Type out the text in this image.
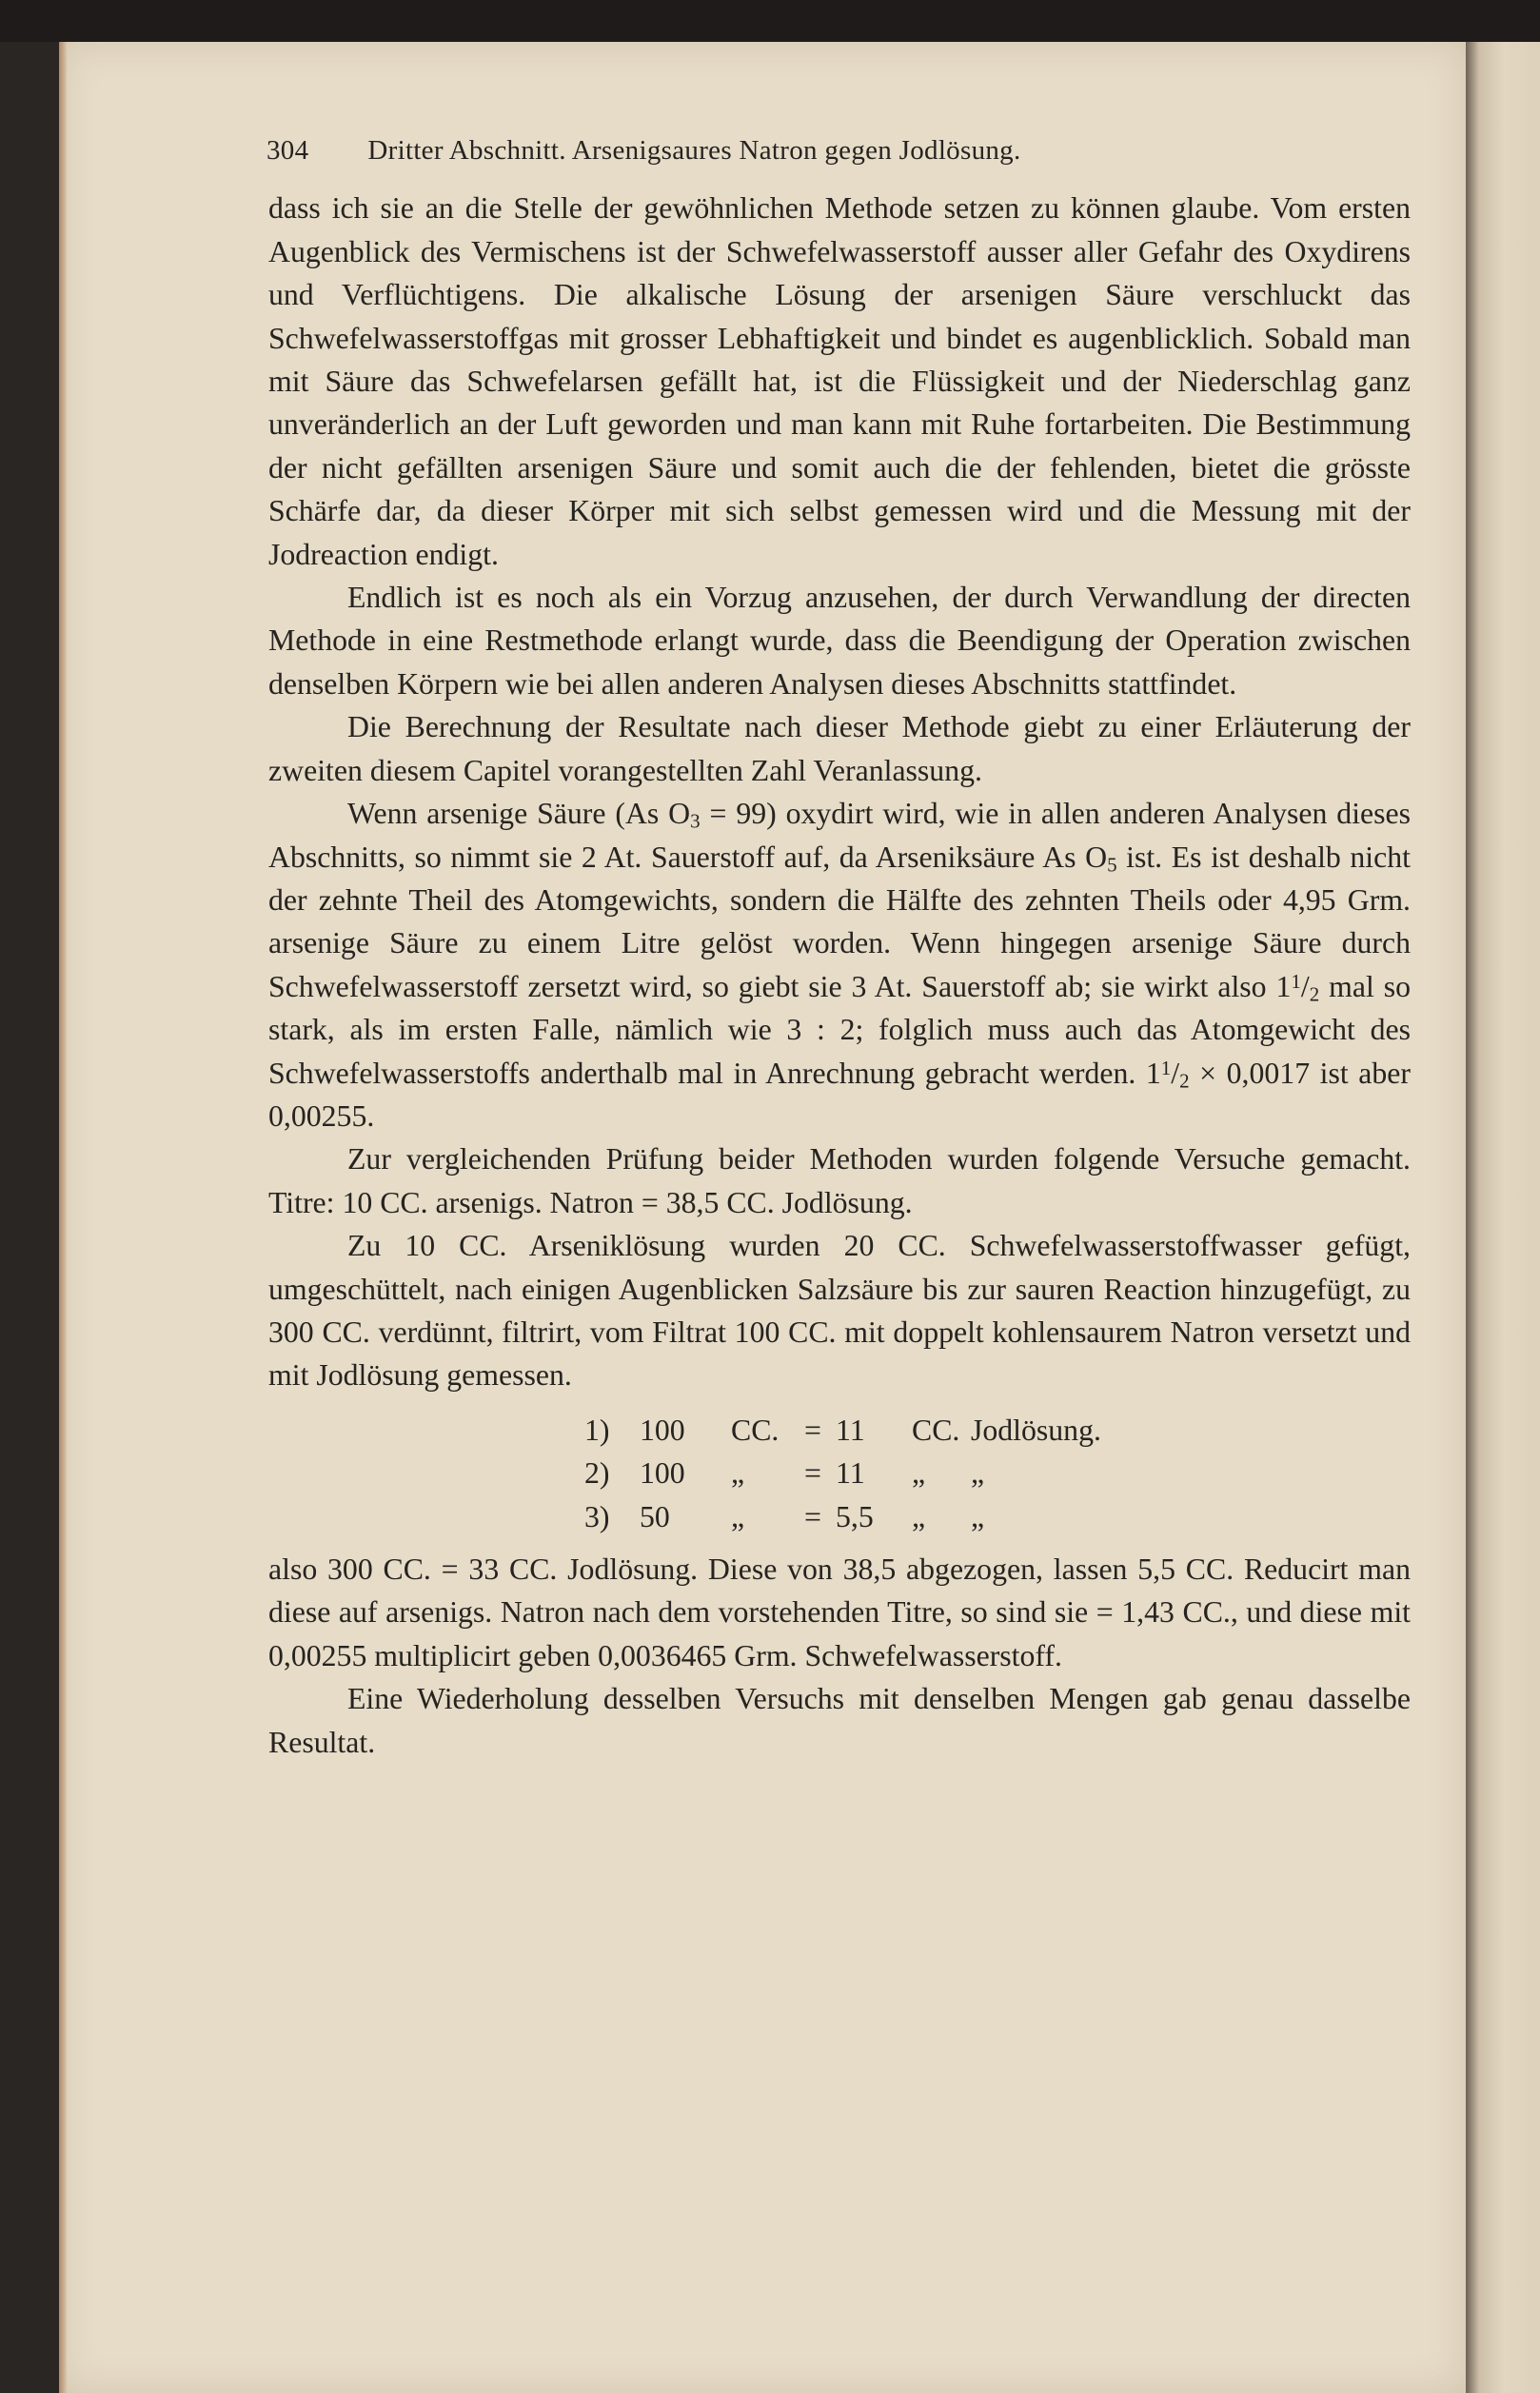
304 Dritter Abschnitt. Arsenigsaures Natron gegen Jodlösung.

dass ich sie an die Stelle der gewöhnlichen Methode setzen zu können glaube. Vom ersten Augenblick des Vermischens ist der Schwefelwasserstoff ausser aller Gefahr des Oxydirens und Verflüchtigens. Die alkalische Lösung der arsenigen Säure verschluckt das Schwefelwasserstoffgas mit grosser Lebhaftigkeit und bindet es augenblicklich. Sobald man mit Säure das Schwefelarsen gefällt hat, ist die Flüssigkeit und der Niederschlag ganz unveränderlich an der Luft geworden und man kann mit Ruhe fortarbeiten. Die Bestimmung der nicht gefällten arsenigen Säure und somit auch die der fehlenden, bietet die grösste Schärfe dar, da dieser Körper mit sich selbst gemessen wird und die Messung mit der Jodreaction endigt.

Endlich ist es noch als ein Vorzug anzusehen, der durch Verwandlung der directen Methode in eine Restmethode erlangt wurde, dass die Beendigung der Operation zwischen denselben Körpern wie bei allen anderen Analysen dieses Abschnitts stattfindet.

Die Berechnung der Resultate nach dieser Methode giebt zu einer Erläuterung der zweiten diesem Capitel vorangestellten Zahl Veranlassung.

Wenn arsenige Säure (As $O_3 = 99$) oxydirt wird, wie in allen anderen Analysen dieses Abschnitts, so nimmt sie 2 At. Sauerstoff auf, da Arseniksäure As $O_5$ ist. Es ist deshalb nicht der zehnte Theil des Atomgewichts, sondern die Hälfte des zehnten Theils oder 4,95 Grm. arsenige Säure zu einem Litre gelöst worden. Wenn hingegen arsenige Säure durch Schwefelwasserstoff zersetzt wird, so giebt sie 3 At. Sauerstoff ab; sie wirkt also $1^1/_2$ mal so stark, als im ersten Falle, nämlich wie 3 : 2; folglich muss auch das Atomgewicht des Schwefelwasserstoffs anderthalb mal in Anrechnung gebracht werden. $1^1/_2 \times 0,0017$ ist aber 0,00255.

Zur vergleichenden Prüfung beider Methoden wurden folgende Versuche gemacht. Titre: 10 CC. arsenigs. Natron = 38,5 CC. Jodlösung.

Zu 10 CC. Arseniklösung wurden 20 CC. Schwefelwasserstoffwasser gefügt, umgeschüttelt, nach einigen Augenblicken Salzsäure bis zur sauren Reaction hinzugefügt, zu 300 CC. verdünnt, filtrirt, vom Filtrat 100 CC. mit doppelt kohlensaurem Natron versetzt und mit Jodlösung gemessen.

1)	100	CC.	=	11	CC.	Jodlösung.
2)	100	„	=	11	„	„
3)	50	„	=	5,5	„	„

also 300 CC. = 33 CC. Jodlösung. Diese von 38,5 abgezogen, lassen 5,5 CC. Reducirt man diese auf arsenigs. Natron nach dem vorstehenden Titre, so sind sie = 1,43 CC., und diese mit 0,00255 multiplicirt geben 0,0036465 Grm. Schwefelwasserstoff.

Eine Wiederholung desselben Versuchs mit denselben Mengen gab genau dasselbe Resultat.
